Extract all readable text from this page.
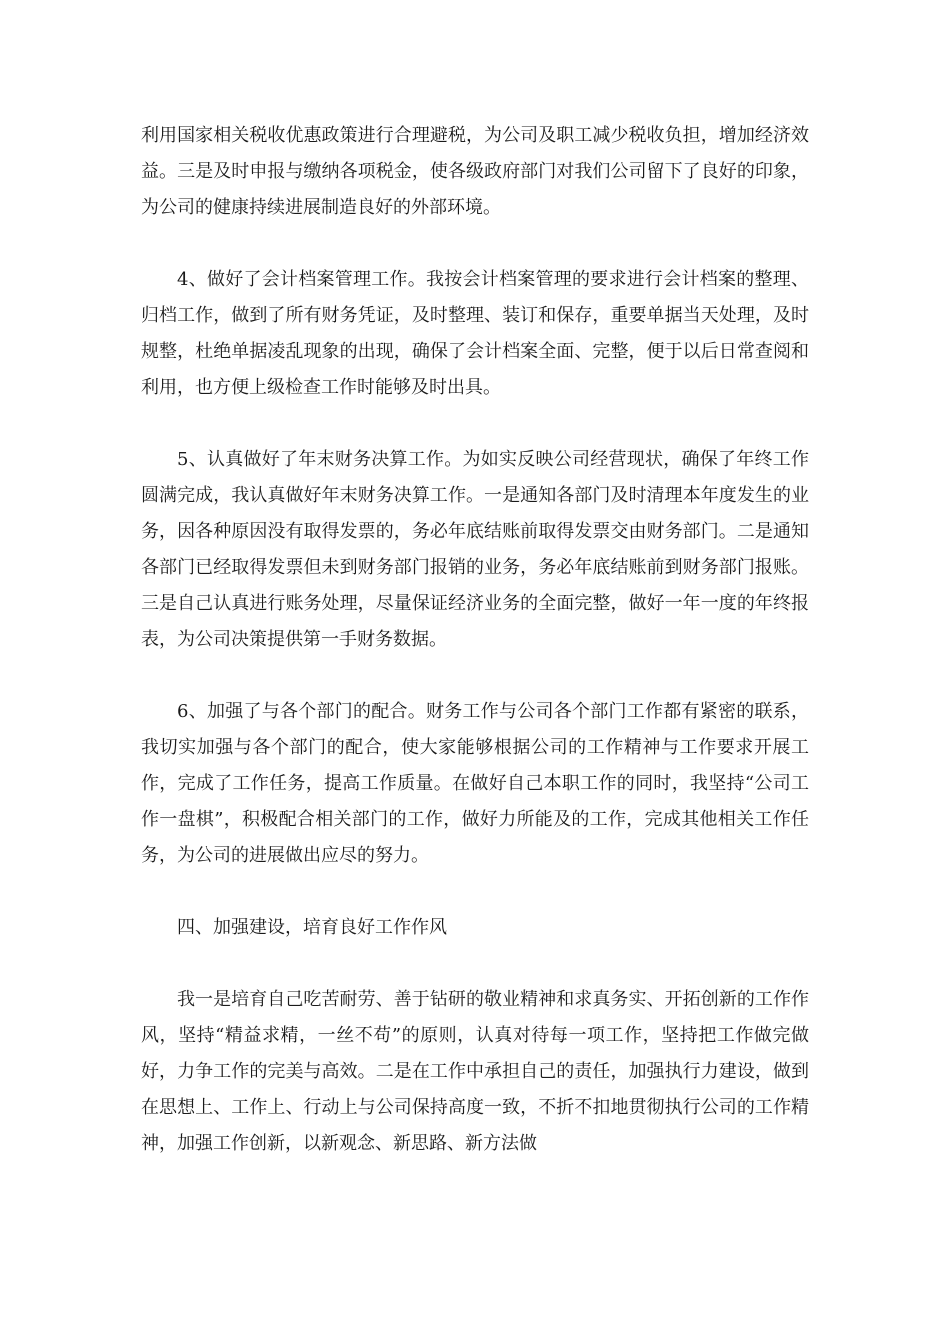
利用国家相关税收优惠政策进行合理避税，为公司及职工减少税收负担，增加经济效益。三是及时申报与缴纳各项税金，使各级政府部门对我们公司留下了良好的印象，为公司的健康持续进展制造良好的外部环境。

4、做好了会计档案管理工作。我按会计档案管理的要求进行会计档案的整理、归档工作，做到了所有财务凭证，及时整理、装订和保存，重要单据当天处理，及时规整，杜绝单据凌乱现象的出现，确保了会计档案全面、完整，便于以后日常查阅和利用，也方便上级检查工作时能够及时出具。

5、认真做好了年末财务决算工作。为如实反映公司经营现状，确保了年终工作圆满完成，我认真做好年末财务决算工作。一是通知各部门及时清理本年度发生的业务，因各种原因没有取得发票的，务必年底结账前取得发票交由财务部门。二是通知各部门已经取得发票但未到财务部门报销的业务，务必年底结账前到财务部门报账。三是自己认真进行账务处理，尽量保证经济业务的全面完整，做好一年一度的年终报表，为公司决策提供第一手财务数据。

6、加强了与各个部门的配合。财务工作与公司各个部门工作都有紧密的联系，我切实加强与各个部门的配合，使大家能够根据公司的工作精神与工作要求开展工作，完成了工作任务，提高工作质量。在做好自己本职工作的同时，我坚持“公司工作一盘棋”，积极配合相关部门的工作，做好力所能及的工作，完成其他相关工作任务，为公司的进展做出应尽的努力。

四、加强建设，培育良好工作作风

我一是培育自己吃苦耐劳、善于钻研的敬业精神和求真务实、开拓创新的工作作风，坚持“精益求精，一丝不苟”的原则，认真对待每一项工作，坚持把工作做完做好，力争工作的完美与高效。二是在工作中承担自己的责任，加强执行力建设，做到在思想上、工作上、行动上与公司保持高度一致，不折不扣地贯彻执行公司的工作精神，加强工作创新，以新观念、新思路、新方法做
